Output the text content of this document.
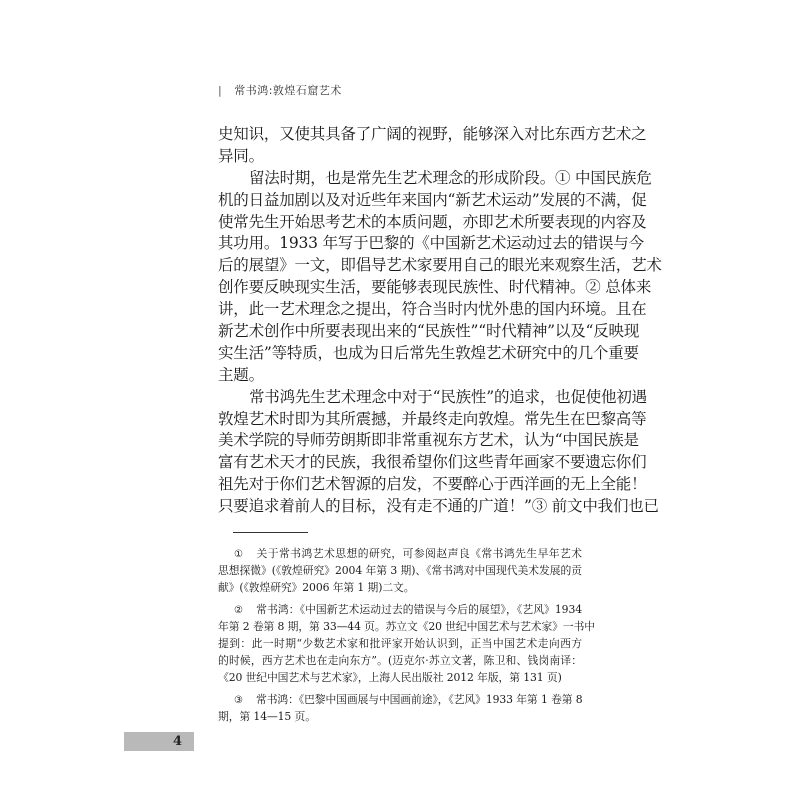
| 常书鸿:敦煌石窟艺术
史知识，又使其具备了广阔的视野，能够深入对比东西方艺术之
异同。
留法时期，也是常先生艺术理念的形成阶段。① 中国民族危
机的日益加剧以及对近些年来国内“新艺术运动”发展的不满，促
使常先生开始思考艺术的本质问题，亦即艺术所要表现的内容及
其功用。1933 年写于巴黎的《中国新艺术运动过去的错误与今
后的展望》一文，即倡导艺术家要用自己的眼光来观察生活，艺术
创作要反映现实生活，要能够表现民族性、时代精神。② 总体来
讲，此一艺术理念之提出，符合当时内忧外患的国内环境。且在
新艺术创作中所要表现出来的“民族性”“时代精神”以及“反映现
实生活”等特质，也成为日后常先生敦煌艺术研究中的几个重要
主题。
常书鸿先生艺术理念中对于“民族性”的追求，也促使他初遇
敦煌艺术时即为其所震撼，并最终走向敦煌。常先生在巴黎高等
美术学院的导师劳朗斯即非常重视东方艺术，认为“中国民族是
富有艺术天才的民族，我很希望你们这些青年画家不要遗忘你们
祖先对于你们艺术智源的启发，不要醉心于西洋画的无上全能！
只要追求着前人的目标，没有走不通的广道！”③ 前文中我们也已
① 关于常书鸿艺术思想的研究，可参阅赵声良《常书鸿先生早年艺术
思想探微》(《敦煌研究》2004 年第 3 期)、《常书鸿对中国现代美术发展的贡
献》(《敦煌研究》2006 年第 1 期)二文。
② 常书鸿：《中国新艺术运动过去的错误与今后的展望》，《艺风》1934
年第 2 卷第 8 期，第 33—44 页。苏立文《20 世纪中国艺术与艺术家》一书中
提到：此一时期“少数艺术家和批评家开始认识到，正当中国艺术走向西方
的时候，西方艺术也在走向东方”。(迈克尔·苏立文著，陈卫和、钱岗南译：
《20 世纪中国艺术与艺术家》，上海人民出版社 2012 年版，第 131 页)
③ 常书鸿：《巴黎中国画展与中国画前途》，《艺风》1933 年第 1 卷第 8
期，第 14—15 页。
4
